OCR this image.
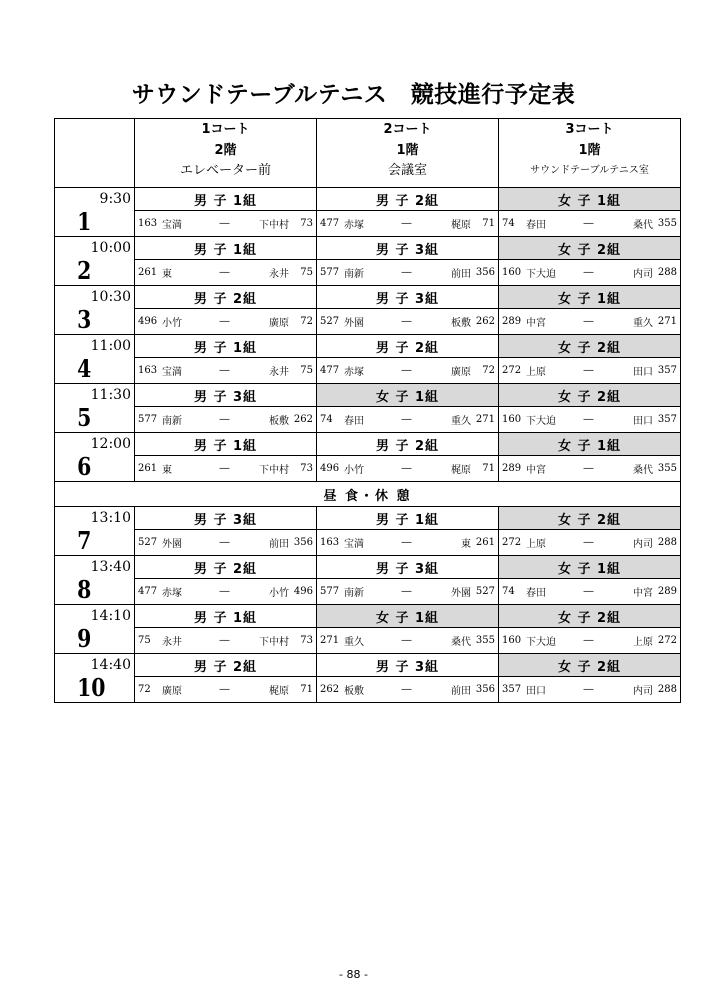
サウンドテーブルテニス　競技進行予定表

	1コート
2階
エレベーター前	2コート
1階
会議室	3コート
1階
サウンドテーブルテニス室

9:30
1	男 子 1組	男 子 2組	女 子 1組

	163 宝満 ― 下中村 73	477 赤塚 ― 梶原 71	74 春田 ― 桑代 355

10:00
2	男 子 1組	男 子 3組	女 子 2組

	261 東 ― 永井 75	577 南新 ― 前田 356	160 下大迫 ― 内司 288

10:30
3	男 子 2組	男 子 3組	女 子 1組

	496 小竹 ― 廣原 72	527 外園 ― 板敷 262	289 中宮 ― 重久 271

11:00
4	男 子 1組	男 子 2組	女 子 2組

	163 宝満 ― 永井 75	477 赤塚 ― 廣原 72	272 上原 ― 田口 357

11:30
5	男 子 3組	女 子 1組	女 子 2組

	577 南新 ― 板敷 262	74 春田 ― 重久 271	160 下大迫 ― 田口 357

12:00
6	男 子 1組	男 子 2組	女 子 1組

	261 東 ― 下中村 73	496 小竹 ― 梶原 71	289 中宮 ― 桑代 355

昼 食・休 憩			

13:10
7	男 子 3組	男 子 1組	女 子 2組

	527 外園 ― 前田 356	163 宝満 ― 東 261	272 上原 ― 内司 288

13:40
8	男 子 2組	男 子 3組	女 子 1組

	477 赤塚 ― 小竹 496	577 南新 ― 外園 527	74 春田 ― 中宮 289

14:10
9	男 子 1組	女 子 1組	女 子 2組

	75 永井 ― 下中村 73	271 重久 ― 桑代 355	160 下大迫 ― 上原 272

14:40
10	男 子 2組	男 子 3組	女 子 2組

	72 廣原 ― 梶原 71	262 板敷 ― 前田 356	357 田口 ― 内司 288
- 88 -
